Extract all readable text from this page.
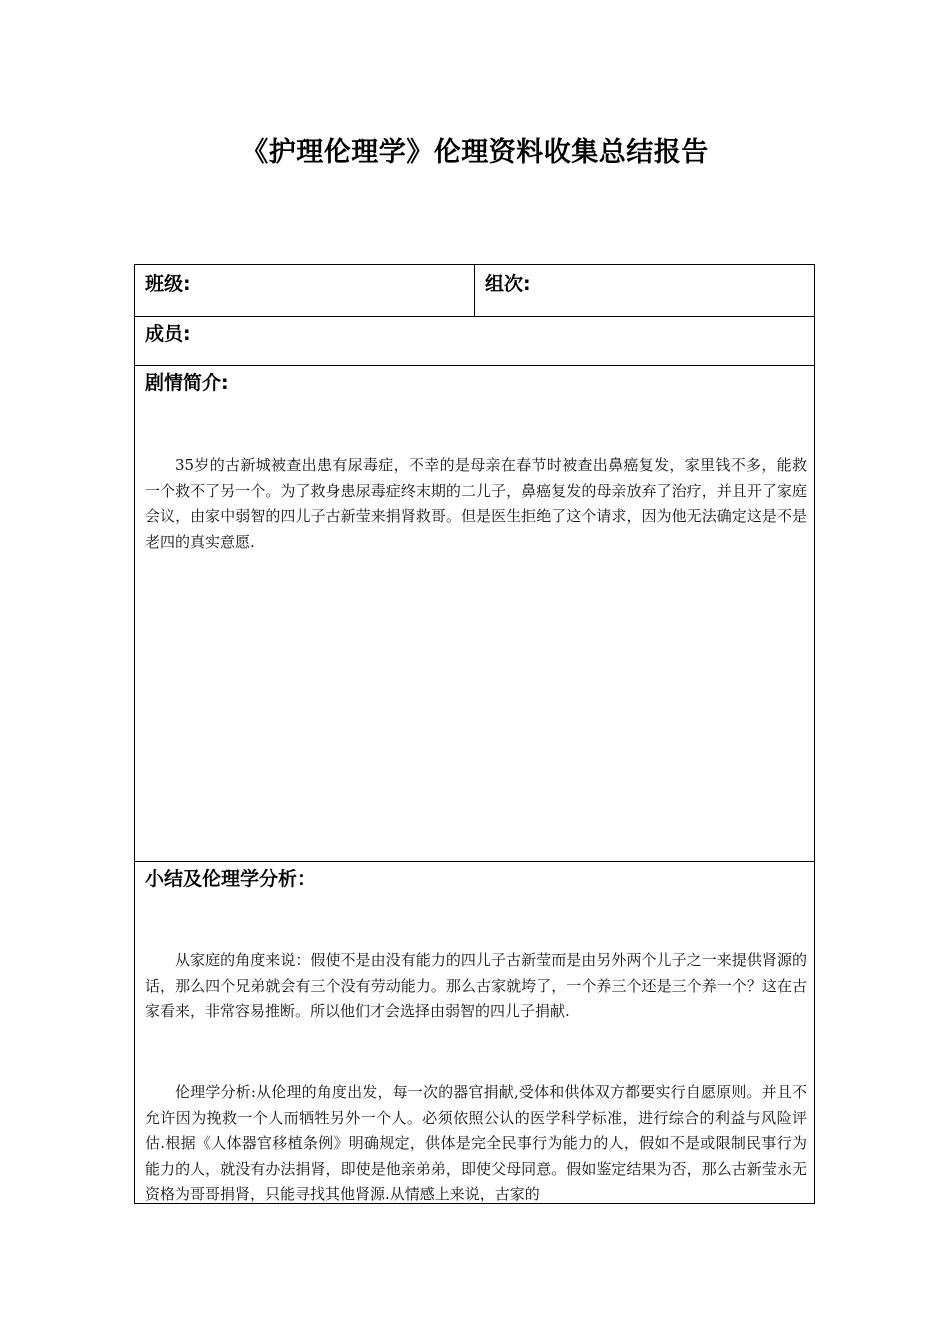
《护理伦理学》伦理资料收集总结报告
班级:	组次:
成员:
剧情简介:
35岁的古新城被查出患有尿毒症，不幸的是母亲在春节时被查出鼻癌复发，家里钱不多，能救一个救不了另一个。为了救身患尿毒症终末期的二儿子，鼻癌复发的母亲放弃了治疗，并且开了家庭会议，由家中弱智的四儿子古新莹来捐肾救哥。但是医生拒绝了这个请求，因为他无法确定这是不是老四的真实意愿.
小结及伦理学分析：
从家庭的角度来说：假使不是由没有能力的四儿子古新莹而是由另外两个儿子之一来提供肾源的话，那么四个兄弟就会有三个没有劳动能力。那么古家就垮了，一个养三个还是三个养一个？这在古家看来，非常容易推断。所以他们才会选择由弱智的四儿子捐献.
伦理学分析:从伦理的角度出发，每一次的器官捐献,受体和供体双方都要实行自愿原则。并且不允许因为挽救一个人而牺牲另外一个人。必须依照公认的医学科学标准，进行综合的利益与风险评估.根据《人体器官移植条例》明确规定，供体是完全民事行为能力的人，假如不是或限制民事行为能力的人，就没有办法捐肾，即使是他亲弟弟，即使父母同意。假如鉴定结果为否，那么古新莹永无资格为哥哥捐肾，只能寻找其他肾源.从情感上来说，古家的
